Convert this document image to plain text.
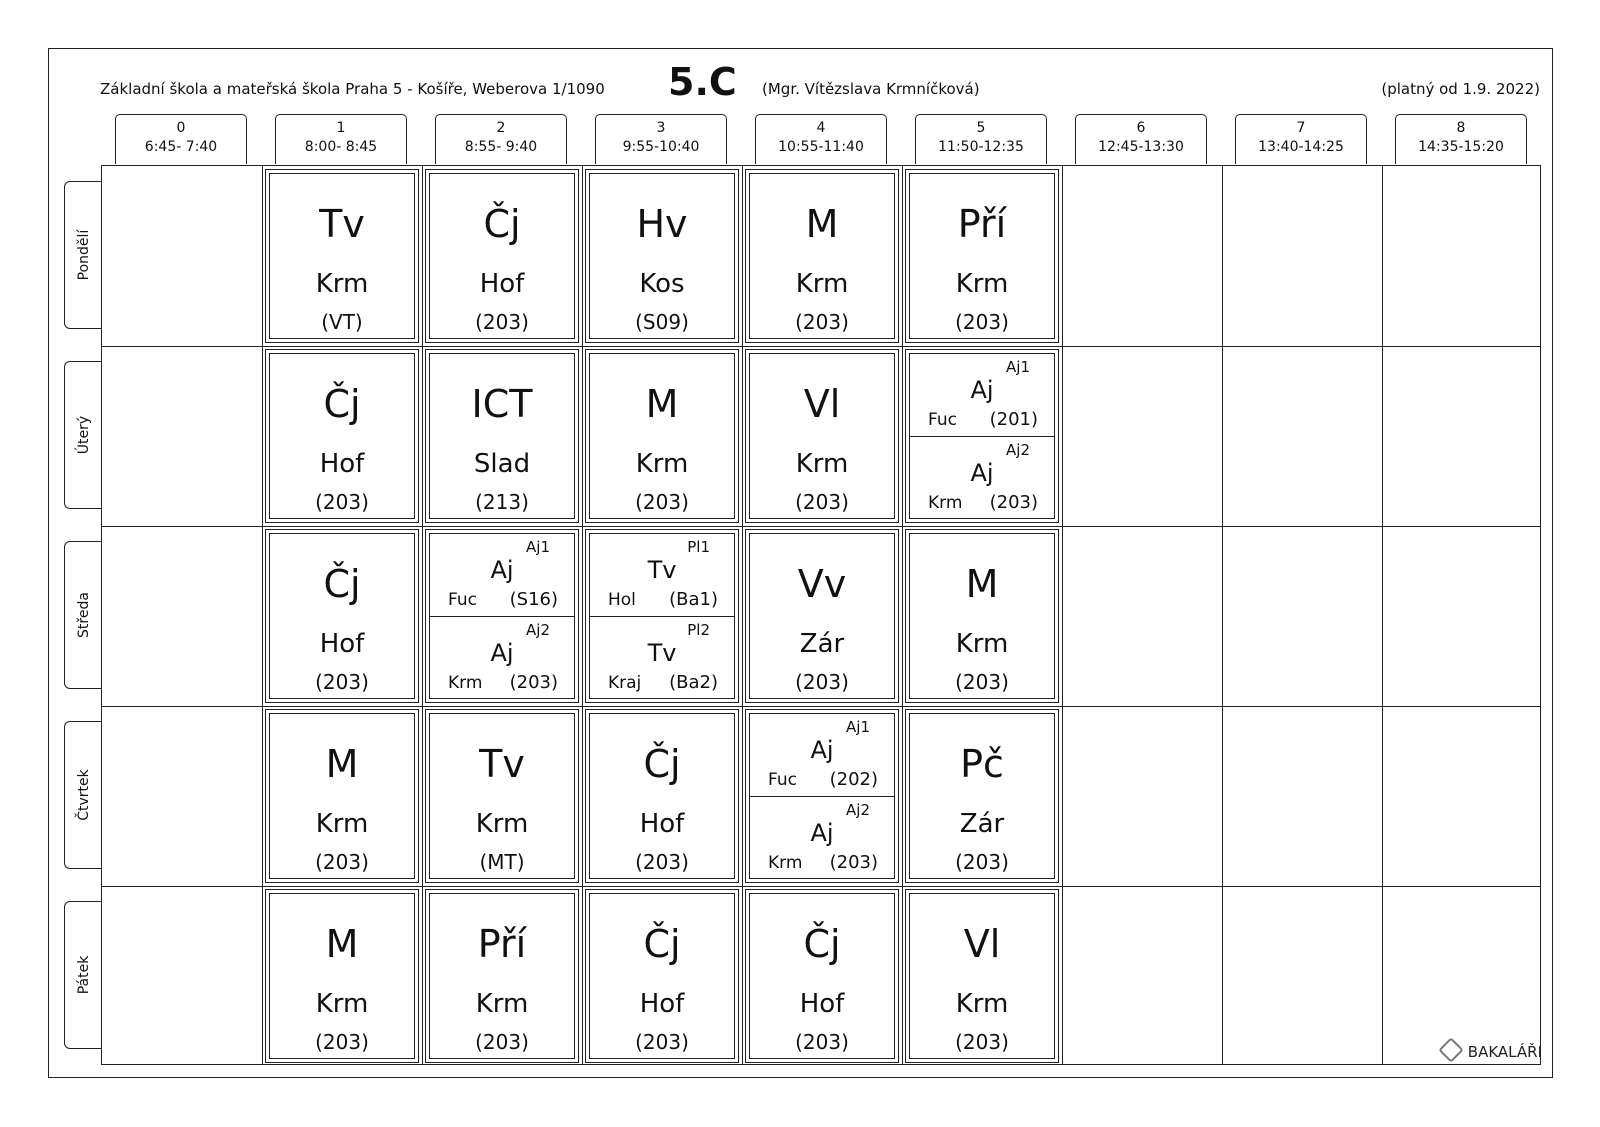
Základní škola a mateřská škola Praha 5 - Košíře, Weberova 1/1090 5.C (Mgr. Vítězslava Krmníčková)	(platný od 1.9. 2022)
0
6:45- 7:40
1
8:00- 8:45
2
8:55- 9:40
3
9:55-10:40
4
10:55-11:40
5
11:50-12:35
6
12:45-13:30
7
13:40-14:25
8
14:35-15:20
Pondělí
Úterý
Středa
Čtvrtek
Pátek
Tv
Krm
(VT)
Čj
Hof
(203)
Hv
Kos
(S09)
M
Krm
(203)
Pří
Krm
(203)
Čj
Hof
(203)
ICT
Slad
(213)
M
Krm
(203)
Vl
Krm
(203)
Aj1
Aj
Fuc (201)
Aj2
Aj
Krm (203)
Čj
Hof
(203)
Aj1
Aj
Fuc (S16)
Aj2
Aj
Krm (203)
Pl1
Tv
Hol (Ba1)
Pl2
Tv
Kraj (Ba2)
Vv
Zár
(203)
M
Krm
(203)
M
Krm
(203)
Tv
Krm
(MT)
Čj
Hof
(203)
Aj1
Aj
Fuc (202)
Aj2
Aj
Krm (203)
Pč
Zár
(203)
M
Krm
(203)
Pří
Krm
(203)
Čj
Hof
(203)
Čj
Hof
(203)
Vl
Krm
(203)	BAKALÁŘI
